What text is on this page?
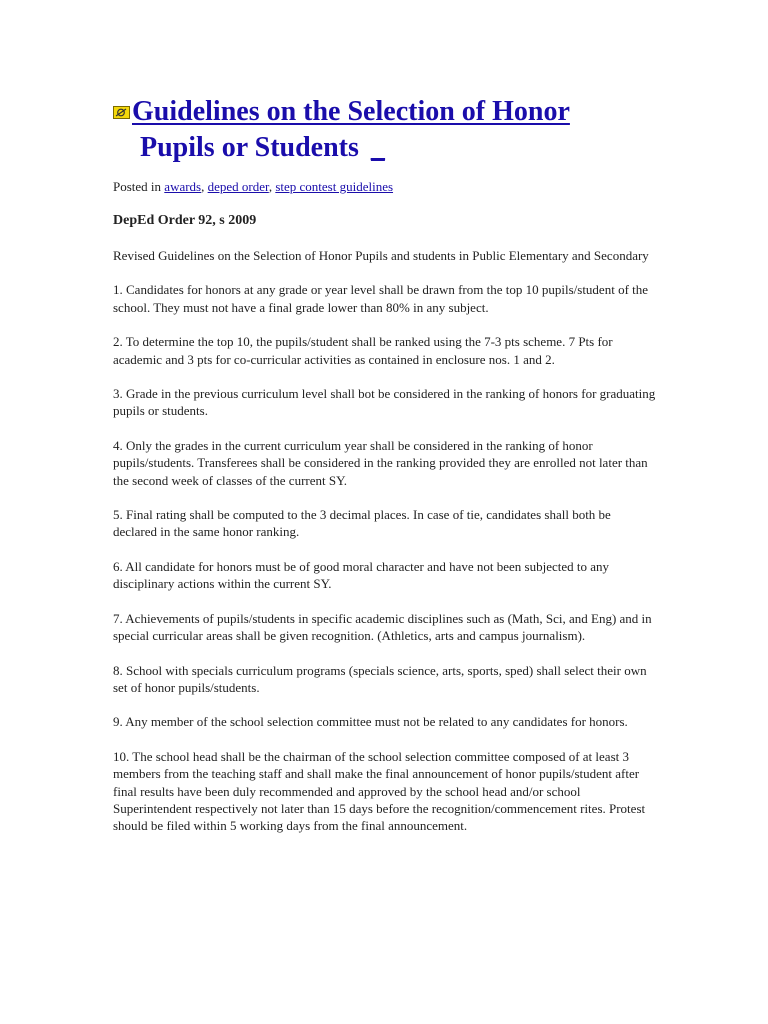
Guidelines on the Selection of Honor
Pupils or Students _
Posted in awards, deped order, step contest guidelines
DepEd Order 92, s 2009

Revised Guidelines on the Selection of Honor Pupils and students in Public Elementary and Secondary

1. Candidates for honors at any grade or year level shall be drawn from the top 10 pupils/student of the school. They must not have a final grade lower than 80% in any subject.

2. To determine the top 10, the pupils/student shall be ranked using the 7-3 pts scheme. 7 Pts for academic and 3 pts for co-curricular activities as contained in enclosure nos. 1 and 2.

3. Grade in the previous curriculum level shall bot be considered in the ranking of honors for graduating pupils or students.

4. Only the grades in the current curriculum year shall be considered in the ranking of honor pupils/students. Transferees shall be considered in the ranking provided they are enrolled not later than the second week of classes of the current SY.

5. Final rating shall be computed to the 3 decimal places. In case of tie, candidates shall both be declared in the same honor ranking.

6. All candidate for honors must be of good moral character and have not been subjected to any disciplinary actions within the current SY.

7. Achievements of pupils/students in specific academic disciplines such as (Math, Sci, and Eng) and in special curricular areas shall be given recognition. (Athletics, arts and campus journalism).

8. School with specials curriculum programs (specials science, arts, sports, sped) shall select their own set of honor pupils/students.

9. Any member of the school selection committee must not be related to any candidates for honors.

10. The school head shall be the chairman of the school selection committee composed of at least 3 members from the teaching staff and shall make the final announcement of honor pupils/student after final results have been duly recommended and approved by the school head and/or school Superintendent respectively not later than 15 days before the recognition/commencement rites. Protest should be filed within 5 working days from the final announcement.
